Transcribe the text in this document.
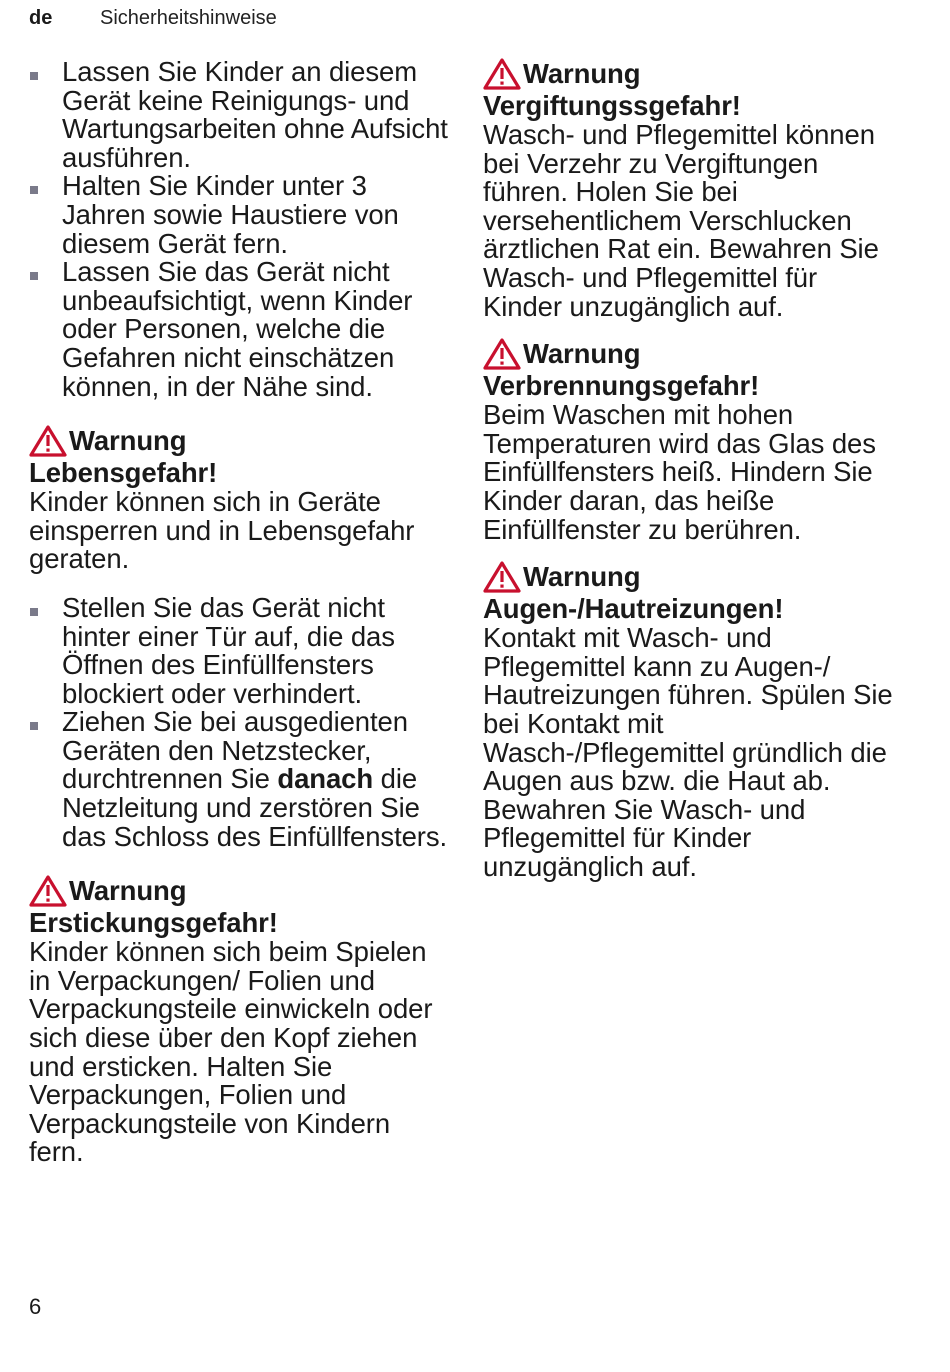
de Sicherheitshinweise
Lassen Sie Kinder an diesem Gerät keine Reinigungs- und Wartungsarbeiten ohne Aufsicht ausführen.
Halten Sie Kinder unter 3 Jahren sowie Haustiere von diesem Gerät fern.
Lassen Sie das Gerät nicht unbeaufsichtigt, wenn Kinder oder Personen, welche die Gefahren nicht einschätzen können, in der Nähe sind.
Warnung
Lebensgefahr!
Kinder können sich in Geräte einsperren und in Lebensgefahr geraten.
Stellen Sie das Gerät nicht hinter einer Tür auf, die das Öffnen des Einfüllfensters blockiert oder verhindert.
Ziehen Sie bei ausgedienten Geräten den Netzstecker, durchtrennen Sie danach die Netzleitung und zerstören Sie das Schloss des Einfüllfensters.
Warnung
Erstickungsgefahr!
Kinder können sich beim Spielen in Verpackungen/ Folien und Verpackungsteile einwickeln oder sich diese über den Kopf ziehen und ersticken. Halten Sie Verpackungen, Folien und Verpackungsteile von Kindern fern.
Warnung
Vergiftungssgefahr!
Wasch- und Pflegemittel können bei Verzehr zu Vergiftungen führen. Holen Sie bei versehentlichem Verschlucken ärztlichen Rat ein. Bewahren Sie Wasch- und Pflegemittel für Kinder unzugänglich auf.
Warnung
Verbrennungsgefahr!
Beim Waschen mit hohen Temperaturen wird das Glas des Einfüllfensters heiß. Hindern Sie Kinder daran, das heiße Einfüllfenster zu berühren.
Warnung
Augen-/Hautreizungen!
Kontakt mit Wasch- und Pflegemittel kann zu Augen-/ Hautreizungen führen. Spülen Sie bei Kontakt mit Wasch-/Pflegemittel gründlich die Augen aus bzw. die Haut ab. Bewahren Sie Wasch- und Pflegemittel für Kinder unzugänglich auf.
6
